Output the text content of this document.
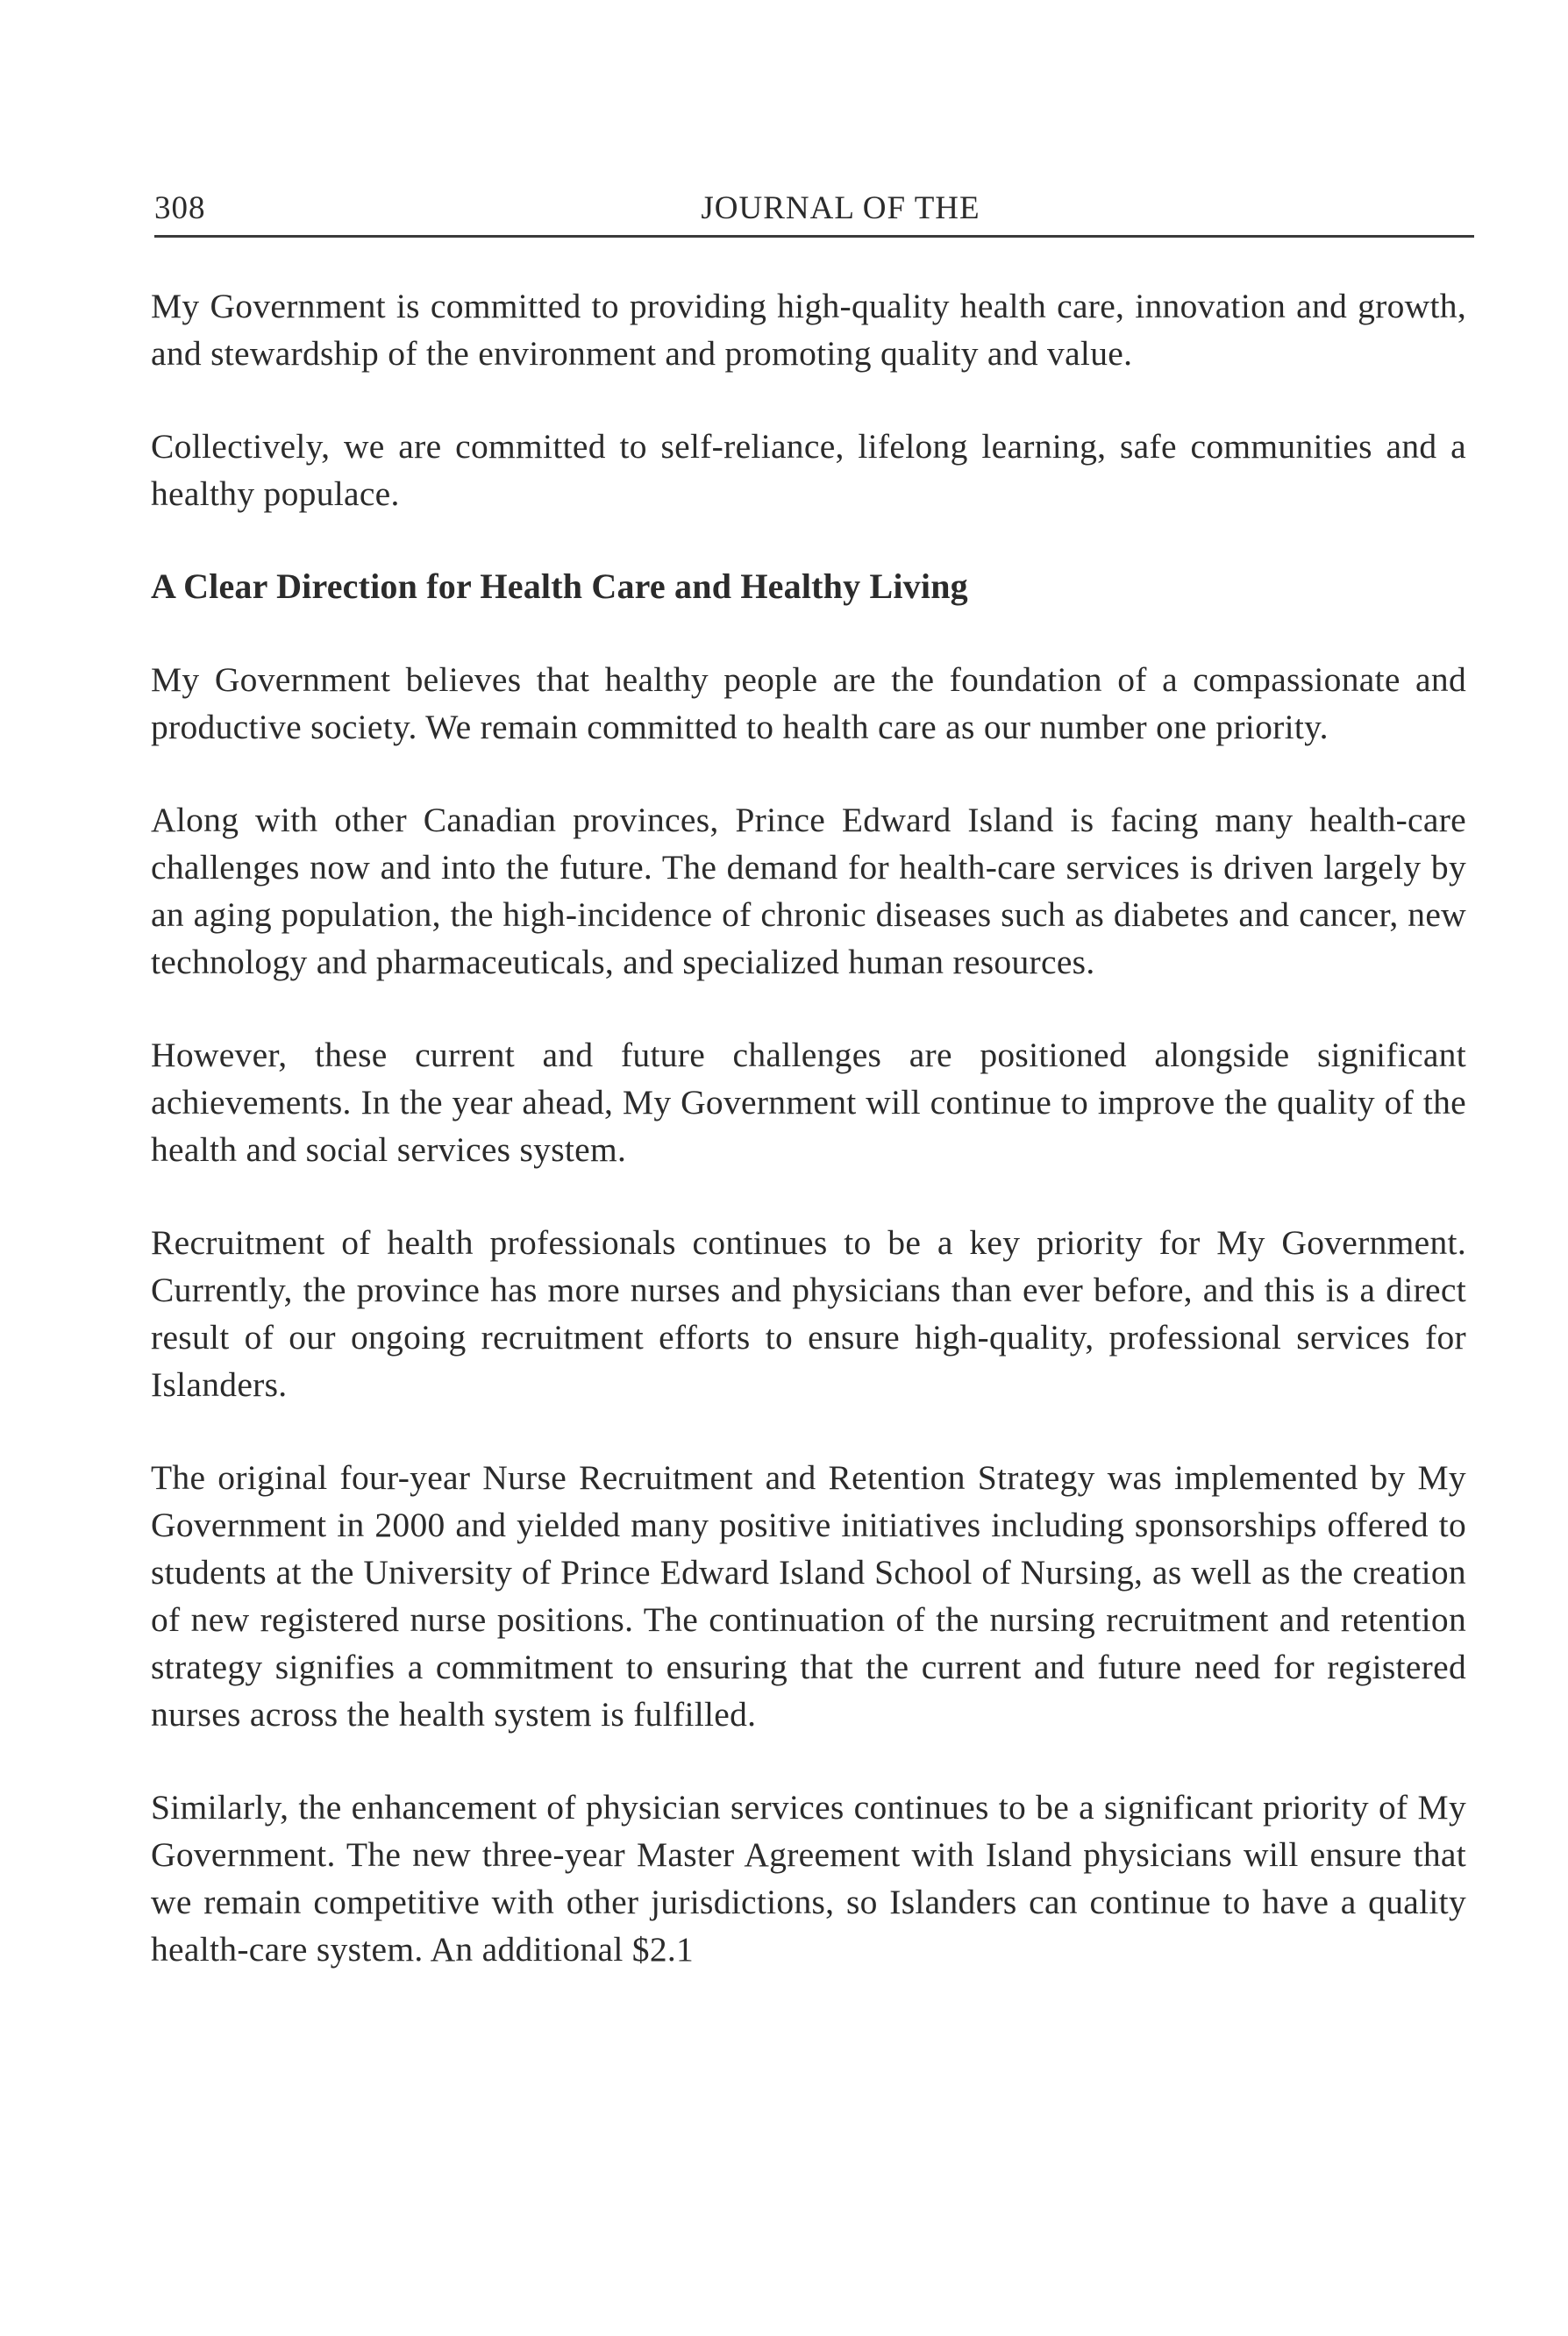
308	JOURNAL OF THE

My Government is committed to providing high-quality health care, innovation and growth, and stewardship of the environment and promoting quality and value.

Collectively, we are committed to self-reliance, lifelong learning, safe communities and a healthy populace.

A Clear Direction for Health Care and Healthy Living

My Government believes that healthy people are the foundation of a compassionate and productive society. We remain committed to health care as our number one priority.

Along with other Canadian provinces, Prince Edward Island is facing many health-care challenges now and into the future. The demand for health-care services is driven largely by an aging population, the high-incidence of chronic diseases such as diabetes and cancer, new technology and pharmaceuticals, and specialized human resources.

However, these current and future challenges are positioned alongside significant achievements. In the year ahead, My Government will continue to improve the quality of the health and social services system.

Recruitment of health professionals continues to be a key priority for My Government. Currently, the province has more nurses and physicians than ever before, and this is a direct result of our ongoing recruitment efforts to ensure high-quality, professional services for Islanders.

The original four-year Nurse Recruitment and Retention Strategy was implemented by My Government in 2000 and yielded many positive initiatives including sponsorships offered to students at the University of Prince Edward Island School of Nursing, as well as the creation of new registered nurse positions. The continuation of the nursing recruitment and retention strategy signifies a commitment to ensuring that the current and future need for registered nurses across the health system is fulfilled.

Similarly, the enhancement of physician services continues to be a significant priority of My Government. The new three-year Master Agreement with Island physicians will ensure that we remain competitive with other jurisdictions, so Islanders can continue to have a quality health-care system. An additional $2.1
